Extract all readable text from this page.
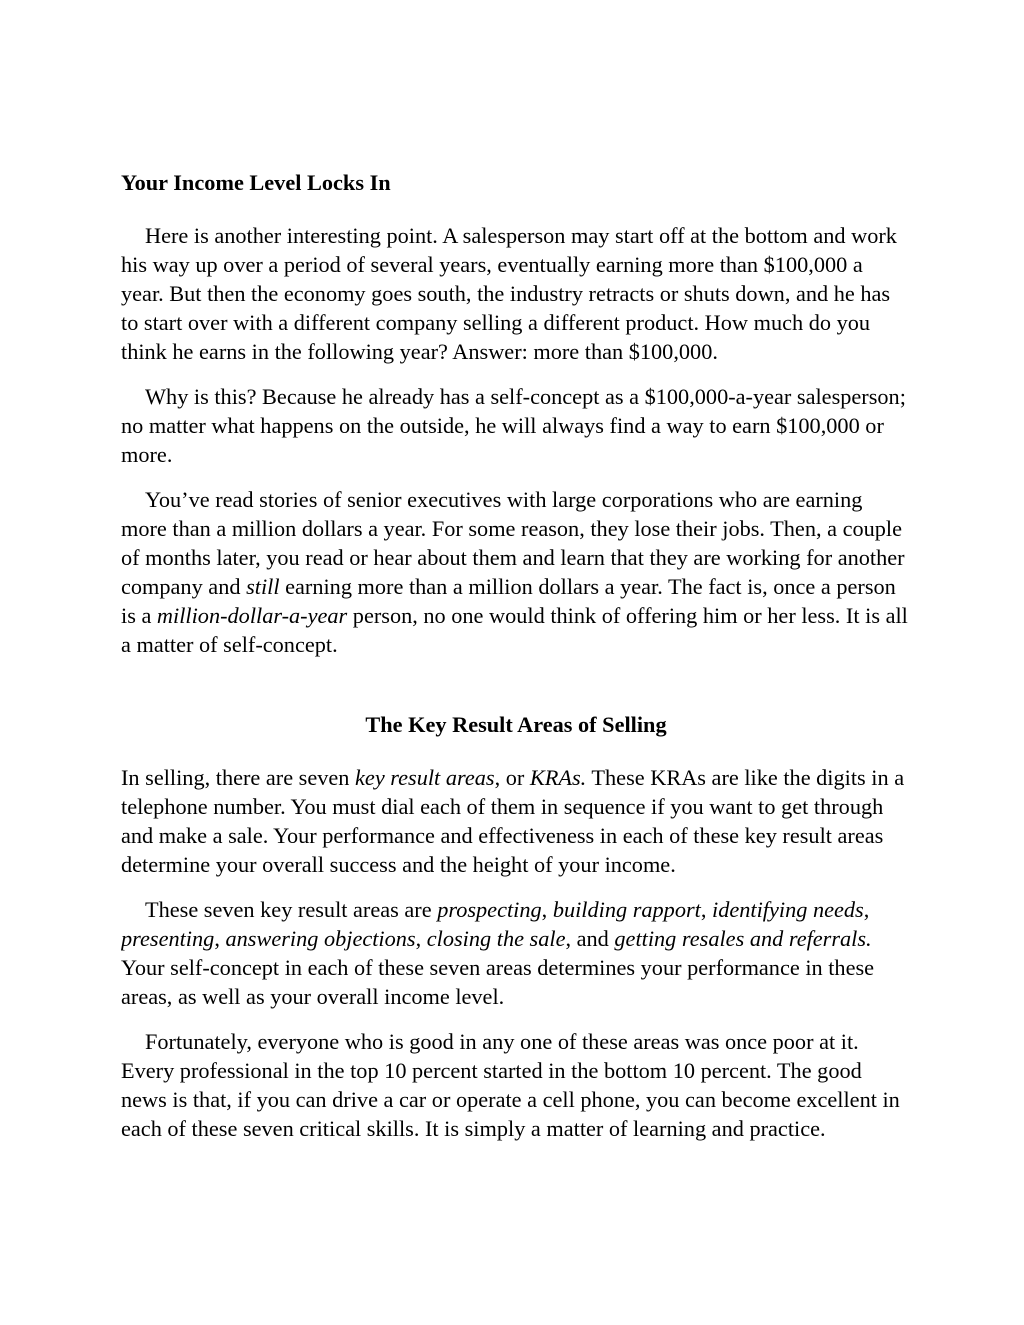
Your Income Level Locks In

Here is another interesting point. A salesperson may start off at the bottom and work his way up over a period of several years, eventually earning more than $100,000 a year. But then the economy goes south, the industry retracts or shuts down, and he has to start over with a different company selling a different product. How much do you think he earns in the following year? Answer: more than $100,000.

Why is this? Because he already has a self-concept as a $100,000-a-year salesperson; no matter what happens on the outside, he will always find a way to earn $100,000 or more.

You’ve read stories of senior executives with large corporations who are earning more than a million dollars a year. For some reason, they lose their jobs. Then, a couple of months later, you read or hear about them and learn that they are working for another company and still earning more than a million dollars a year. The fact is, once a person is a million-dollar-a-year person, no one would think of offering him or her less. It is all a matter of self-concept.

The Key Result Areas of Selling

In selling, there are seven key result areas, or KRAs. These KRAs are like the digits in a telephone number. You must dial each of them in sequence if you want to get through and make a sale. Your performance and effectiveness in each of these key result areas determine your overall success and the height of your income.

These seven key result areas are prospecting, building rapport, identifying needs, presenting, answering objections, closing the sale, and getting resales and referrals. Your self-concept in each of these seven areas determines your performance in these areas, as well as your overall income level.

Fortunately, everyone who is good in any one of these areas was once poor at it. Every professional in the top 10 percent started in the bottom 10 percent. The good news is that, if you can drive a car or operate a cell phone, you can become excellent in each of these seven critical skills. It is simply a matter of learning and practice.
